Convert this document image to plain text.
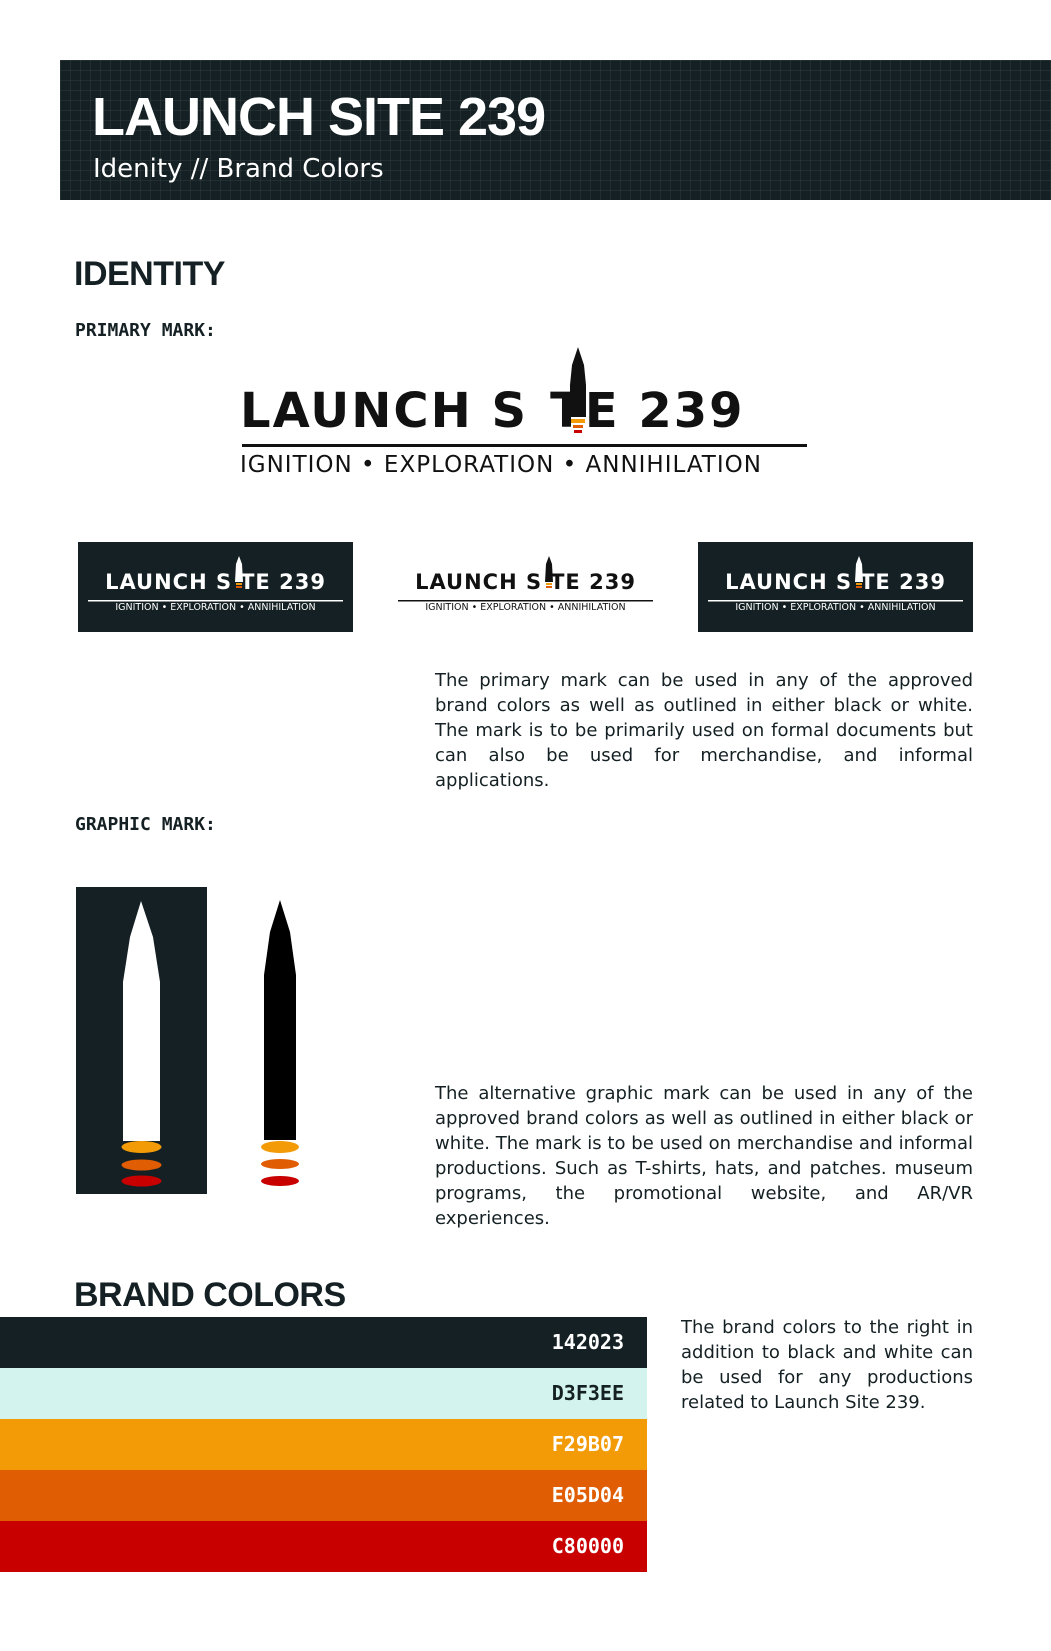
LAUNCH SITE 239
Idenity // Brand Colors
IDENTITY
PRIMARY MARK:
LAUNCH S TE 239
IGNITION • EXPLORATION • ANNIHILATION
LAUNCH S TE 239
IGNITION • EXPLORATION • ANNIHILATION
LAUNCH S TE 239
IGNITION • EXPLORATION • ANNIHILATION
LAUNCH S TE 239
IGNITION • EXPLORATION • ANNIHILATION
The primary mark can be used in any of the approved brand colors as well as outlined in either black or white. The mark is to be primarily used on formal documents but can also be used for merchandise, and informal applications.
GRAPHIC MARK:
The alternative graphic mark can be used in any of the approved brand colors as well as outlined in either black or white. The mark is to be used on merchandise and informal productions. Such as T-shirts, hats, and patches. museum programs, the promotional website, and AR/VR experiences.
BRAND COLORS
142023
D3F3EE
F29B07
E05D04
C80000
The brand colors to the right in addition to black and white can be used for any productions related to Launch Site 239.
